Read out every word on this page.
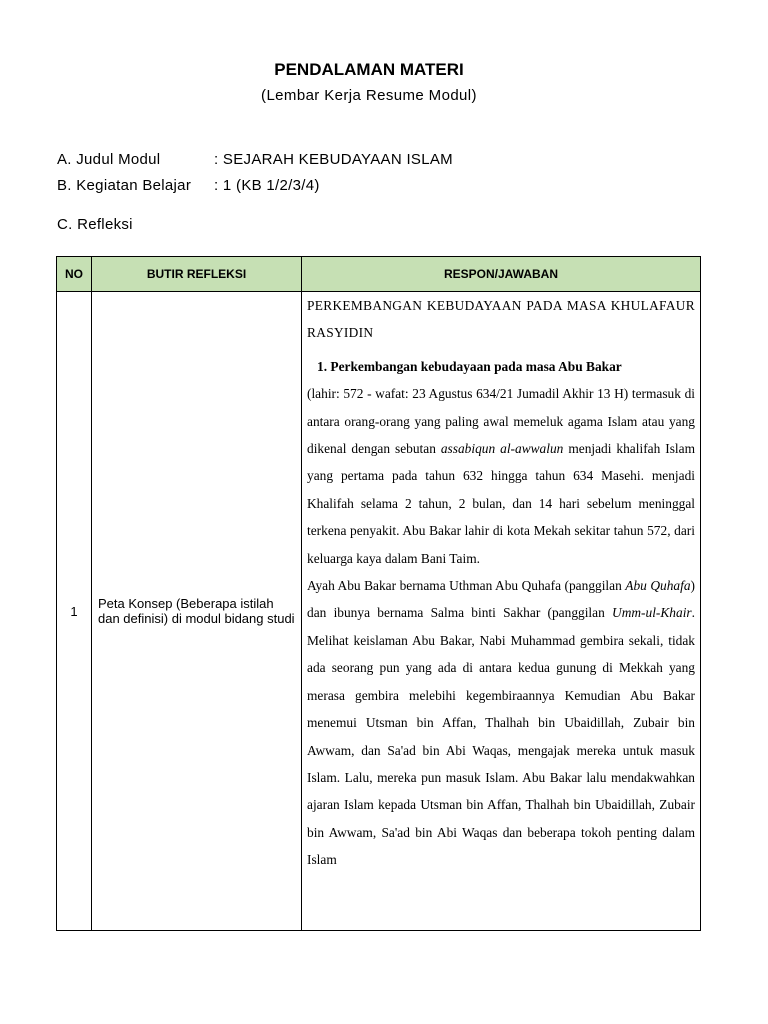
PENDALAMAN MATERI
(Lembar Kerja Resume Modul)
A. Judul Modul	: SEJARAH KEBUDAYAAN ISLAM
B. Kegiatan Belajar : 1 (KB 1/2/3/4)
C. Refleksi
NO	BUTIR REFLEKSI	RESPON/JAWABAN
1	Peta Konsep (Beberapa istilah dan definisi) di modul bidang studi	PERKEMBANGAN KEBUDAYAAN PADA MASA KHULAFAUR RASYIDIN

1. Perkembangan kebudayaan pada masa Abu Bakar

(lahir: 572 - wafat: 23 Agustus 634/21 Jumadil Akhir 13 H) termasuk di antara orang-orang yang paling awal memeluk agama Islam atau yang dikenal dengan sebutan assabiqun al-awwalun menjadi khalifah Islam yang pertama pada tahun 632 hingga tahun 634 Masehi. menjadi Khalifah selama 2 tahun, 2 bulan, dan 14 hari sebelum meninggal terkena penyakit. Abu Bakar lahir di kota Mekah sekitar tahun 572, dari keluarga kaya dalam Bani Taim.

Ayah Abu Bakar bernama Uthman Abu Quhafa (panggilan Abu Quhafa) dan ibunya bernama Salma binti Sakhar (panggilan Umm-ul-Khair. Melihat keislaman Abu Bakar, Nabi Muhammad gembira sekali, tidak ada seorang pun yang ada di antara kedua gunung di Mekkah yang merasa gembira melebihi kegembiraannya Kemudian Abu Bakar menemui Utsman bin Affan, Thalhah bin Ubaidillah, Zubair bin Awwam, dan Sa'ad bin Abi Waqas, mengajak mereka untuk masuk Islam. Lalu, mereka pun masuk Islam. Abu Bakar lalu mendakwahkan ajaran Islam kepada Utsman bin Affan, Thalhah bin Ubaidillah, Zubair bin Awwam, Sa'ad bin Abi Waqas dan beberapa tokoh penting dalam Islam
